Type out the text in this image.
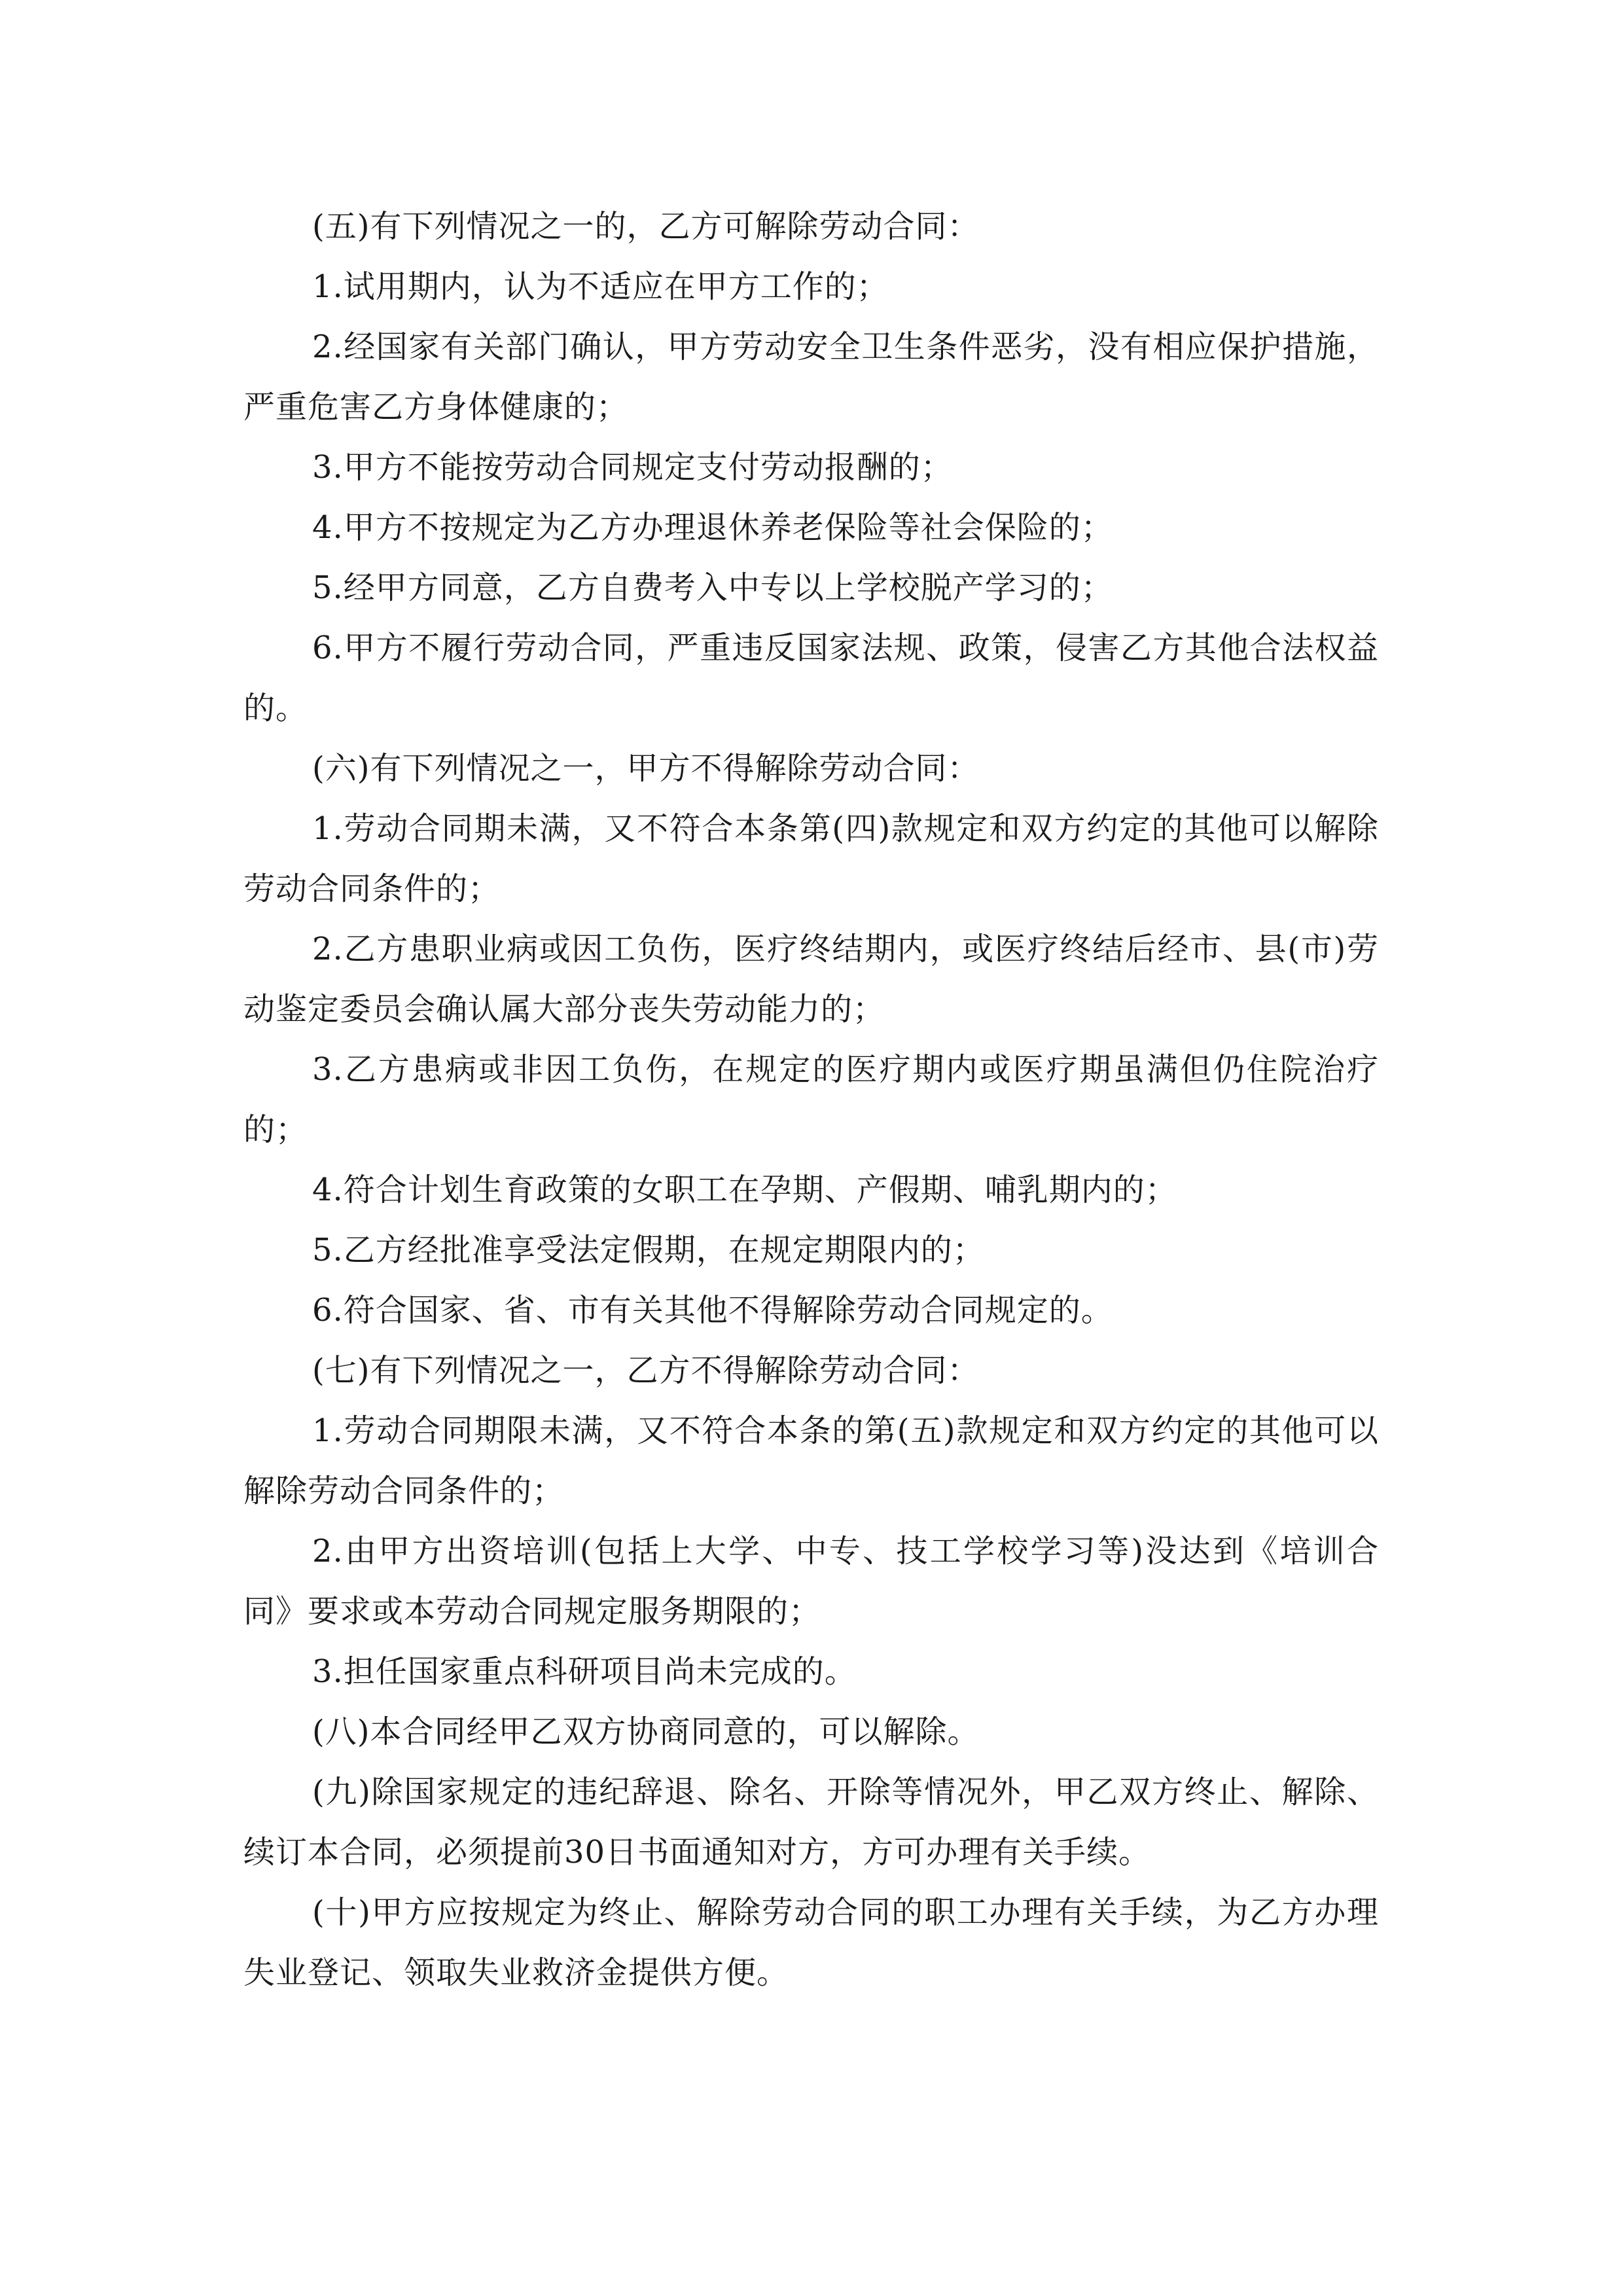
(五)有下列情况之一的，乙方可解除劳动合同：

1.试用期内，认为不适应在甲方工作的；

2.经国家有关部门确认，甲方劳动安全卫生条件恶劣，没有相应保护措施，严重危害乙方身体健康的；

3.甲方不能按劳动合同规定支付劳动报酬的；

4.甲方不按规定为乙方办理退休养老保险等社会保险的；

5.经甲方同意，乙方自费考入中专以上学校脱产学习的；

6.甲方不履行劳动合同，严重违反国家法规、政策，侵害乙方其他合法权益的。

(六)有下列情况之一，甲方不得解除劳动合同：

1.劳动合同期未满，又不符合本条第(四)款规定和双方约定的其他可以解除劳动合同条件的；

2.乙方患职业病或因工负伤，医疗终结期内，或医疗终结后经市、县(市)劳动鉴定委员会确认属大部分丧失劳动能力的；

3.乙方患病或非因工负伤，在规定的医疗期内或医疗期虽满但仍住院治疗的；

4.符合计划生育政策的女职工在孕期、产假期、哺乳期内的；

5.乙方经批准享受法定假期，在规定期限内的；

6.符合国家、省、市有关其他不得解除劳动合同规定的。

(七)有下列情况之一，乙方不得解除劳动合同：

1.劳动合同期限未满，又不符合本条的第(五)款规定和双方约定的其他可以解除劳动合同条件的；

2.由甲方出资培训(包括上大学、中专、技工学校学习等)没达到《培训合同》要求或本劳动合同规定服务期限的；

3.担任国家重点科研项目尚未完成的。

(八)本合同经甲乙双方协商同意的，可以解除。

(九)除国家规定的违纪辞退、除名、开除等情况外，甲乙双方终止、解除、续订本合同，必须提前30日书面通知对方，方可办理有关手续。

(十)甲方应按规定为终止、解除劳动合同的职工办理有关手续，为乙方办理失业登记、领取失业救济金提供方便。
